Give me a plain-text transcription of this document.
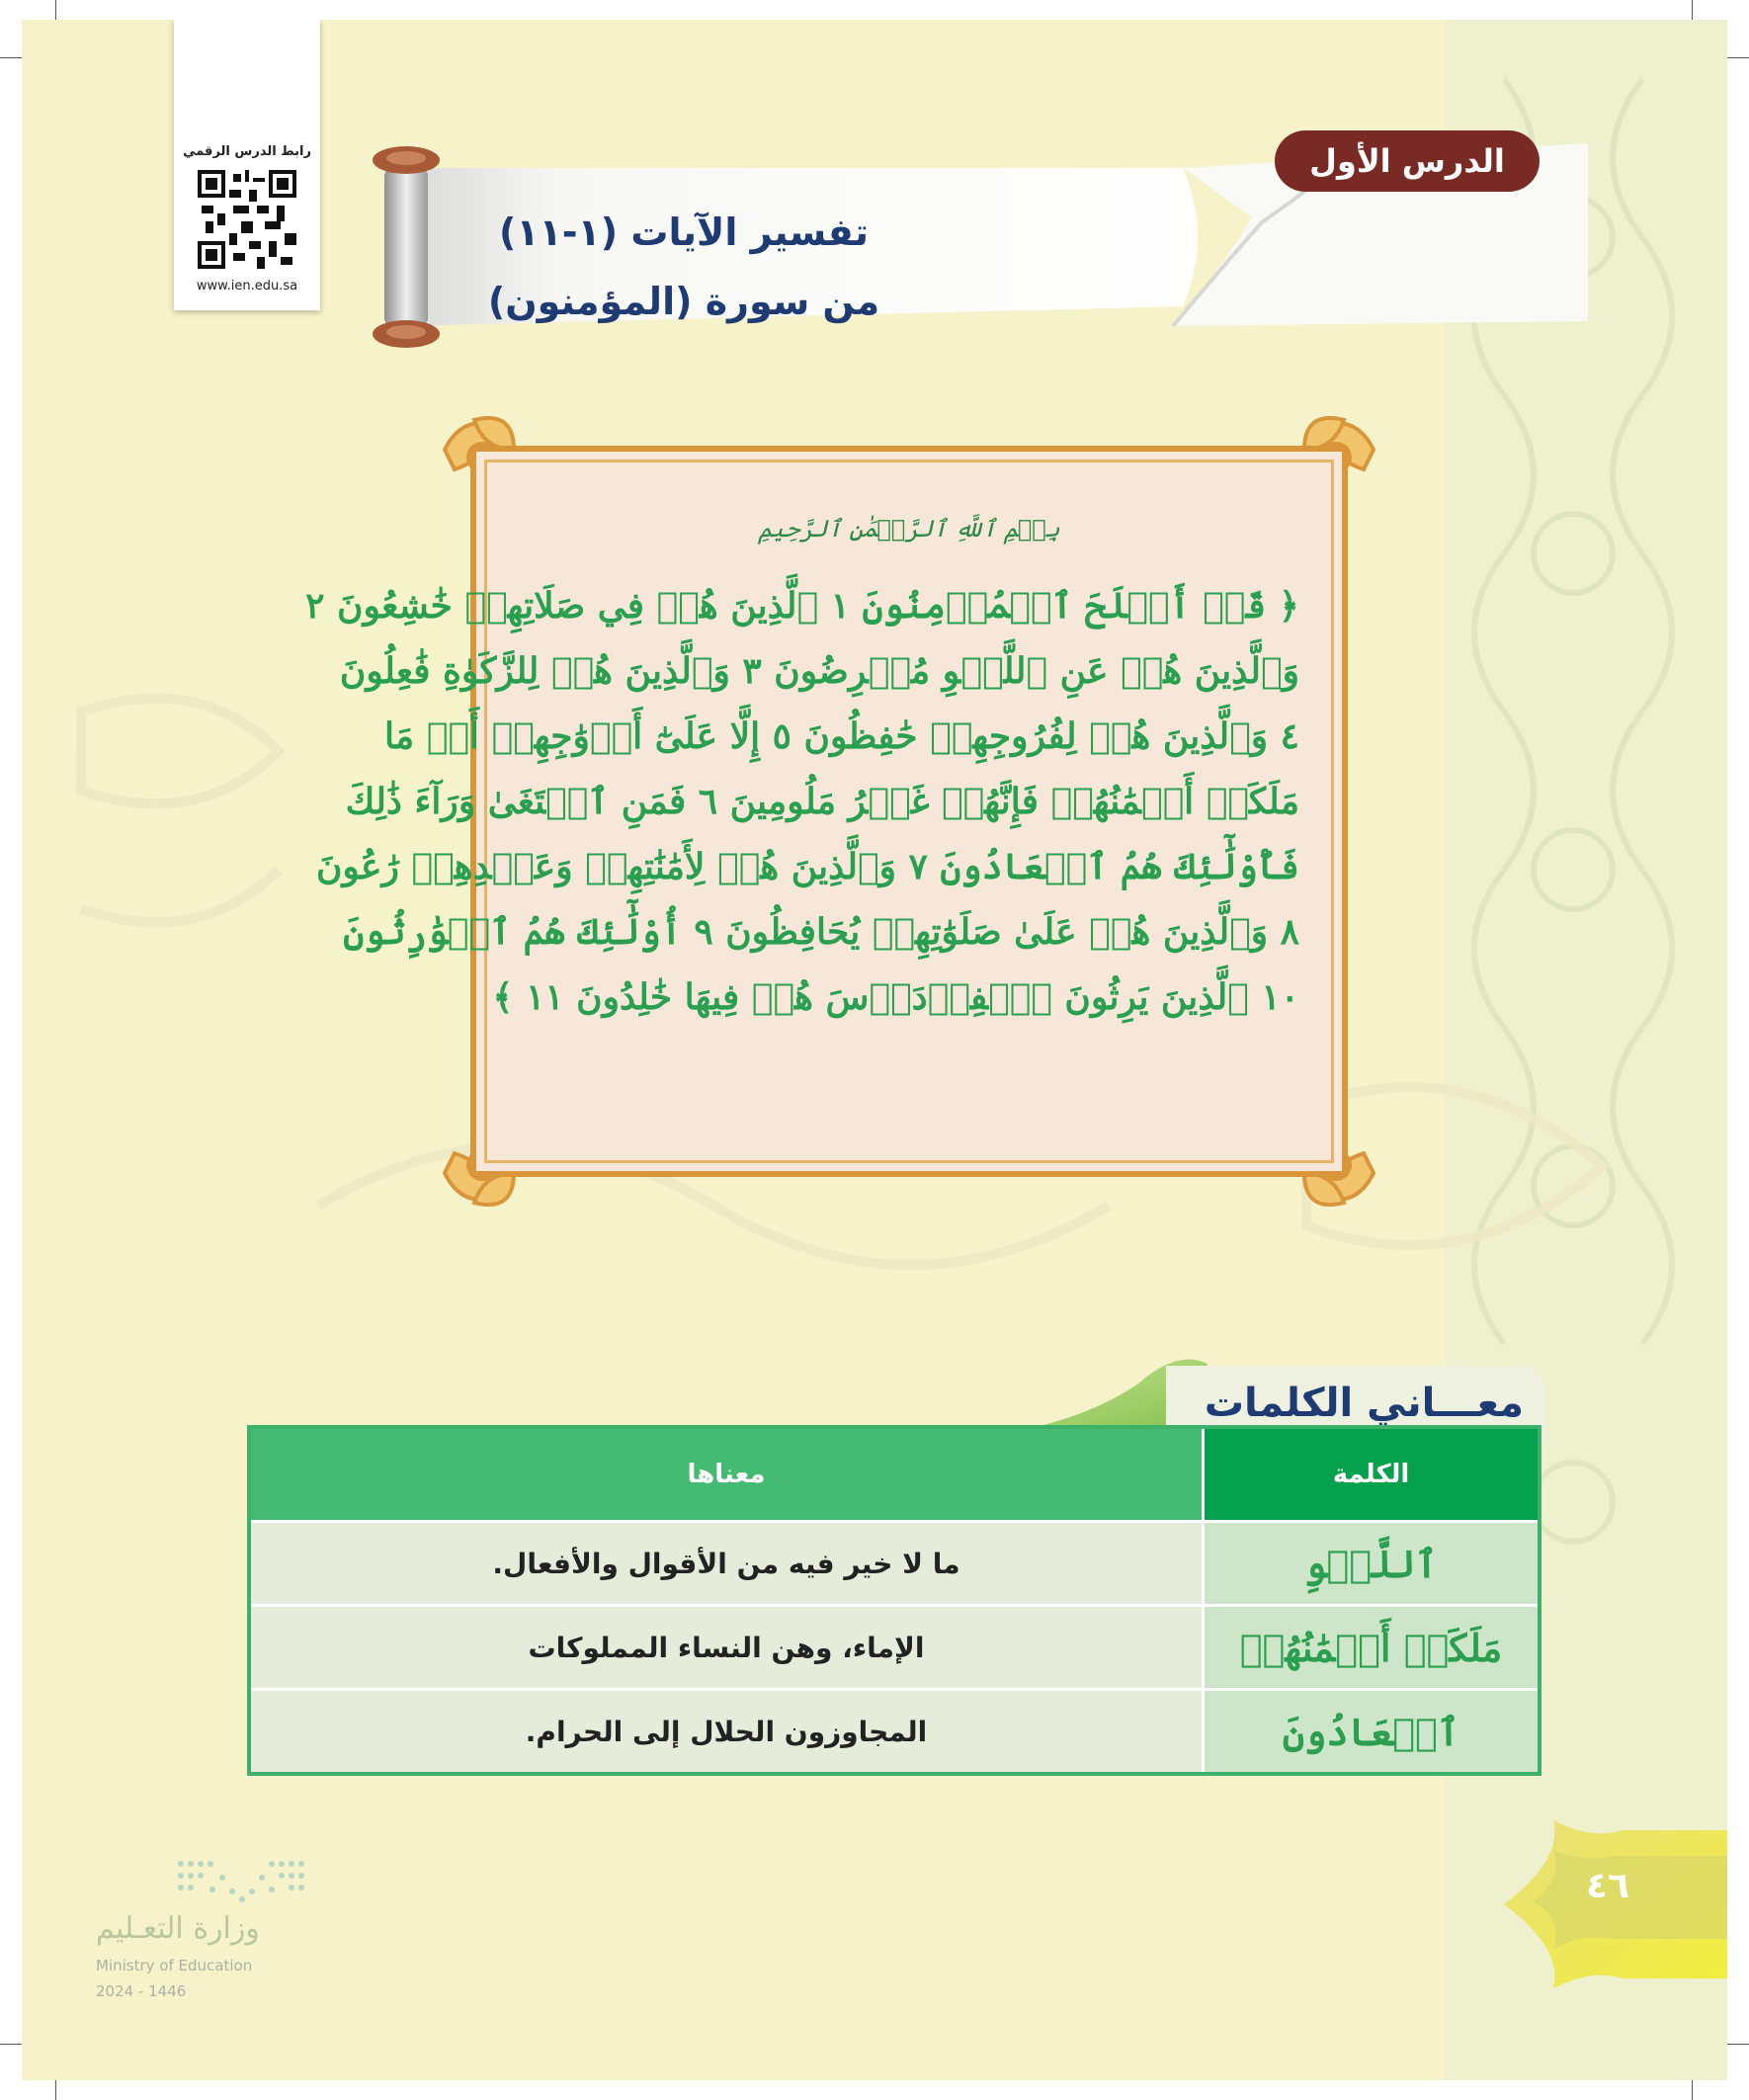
رابط الدرس الرقمي
www.ien.edu.sa
تفسير الآيات (١-١١)
من سورة (المؤمنون)
الدرس الأول
بِسۡمِ ٱللَّهِ ٱلرَّحۡمَٰنِ ٱلرَّحِيمِ
﴿ قَدۡ أَفۡلَحَ ٱلۡمُؤۡمِنُونَ ١ ٱلَّذِينَ هُمۡ فِي صَلَاتِهِمۡ خَٰشِعُونَ ٢
وَٱلَّذِينَ هُمۡ عَنِ ٱللَّغۡوِ مُعۡرِضُونَ ٣ وَٱلَّذِينَ هُمۡ لِلزَّكَوٰةِ فَٰعِلُونَ
٤ وَٱلَّذِينَ هُمۡ لِفُرُوجِهِمۡ حَٰفِظُونَ ٥ إِلَّا عَلَىٰٓ أَزۡوَٰجِهِمۡ أَوۡ مَا
مَلَكَتۡ أَيۡمَٰنُهُمۡ فَإِنَّهُمۡ غَيۡرُ مَلُومِينَ ٦ فَمَنِ ٱبۡتَغَىٰ وَرَآءَ ذَٰلِكَ
فَأُوْلَٰٓئِكَ هُمُ ٱلۡعَادُونَ ٧ وَٱلَّذِينَ هُمۡ لِأَمَٰنَٰتِهِمۡ وَعَهۡدِهِمۡ رَٰعُونَ
٨ وَٱلَّذِينَ هُمۡ عَلَىٰ صَلَوَٰتِهِمۡ يُحَافِظُونَ ٩ أُوْلَٰٓئِكَ هُمُ ٱلۡوَٰرِثُونَ
١٠ ٱلَّذِينَ يَرِثُونَ ٱلۡفِرۡدَوۡسَ هُمۡ فِيهَا خَٰلِدُونَ ١١ ﴾
معـــاني الكلمات
الكلمة	معناها
ٱللَّغۡوِ	ما لا خير فيه من الأقوال والأفعال.
مَلَكَتۡ أَيۡمَٰنُهُمۡ	الإماء، وهن النساء المملوكات
ٱلۡعَادُونَ	المجاوزون الحلال إلى الحرام.
٤٦
وزارة التعـليم
Ministry of Education
2024 - 1446
